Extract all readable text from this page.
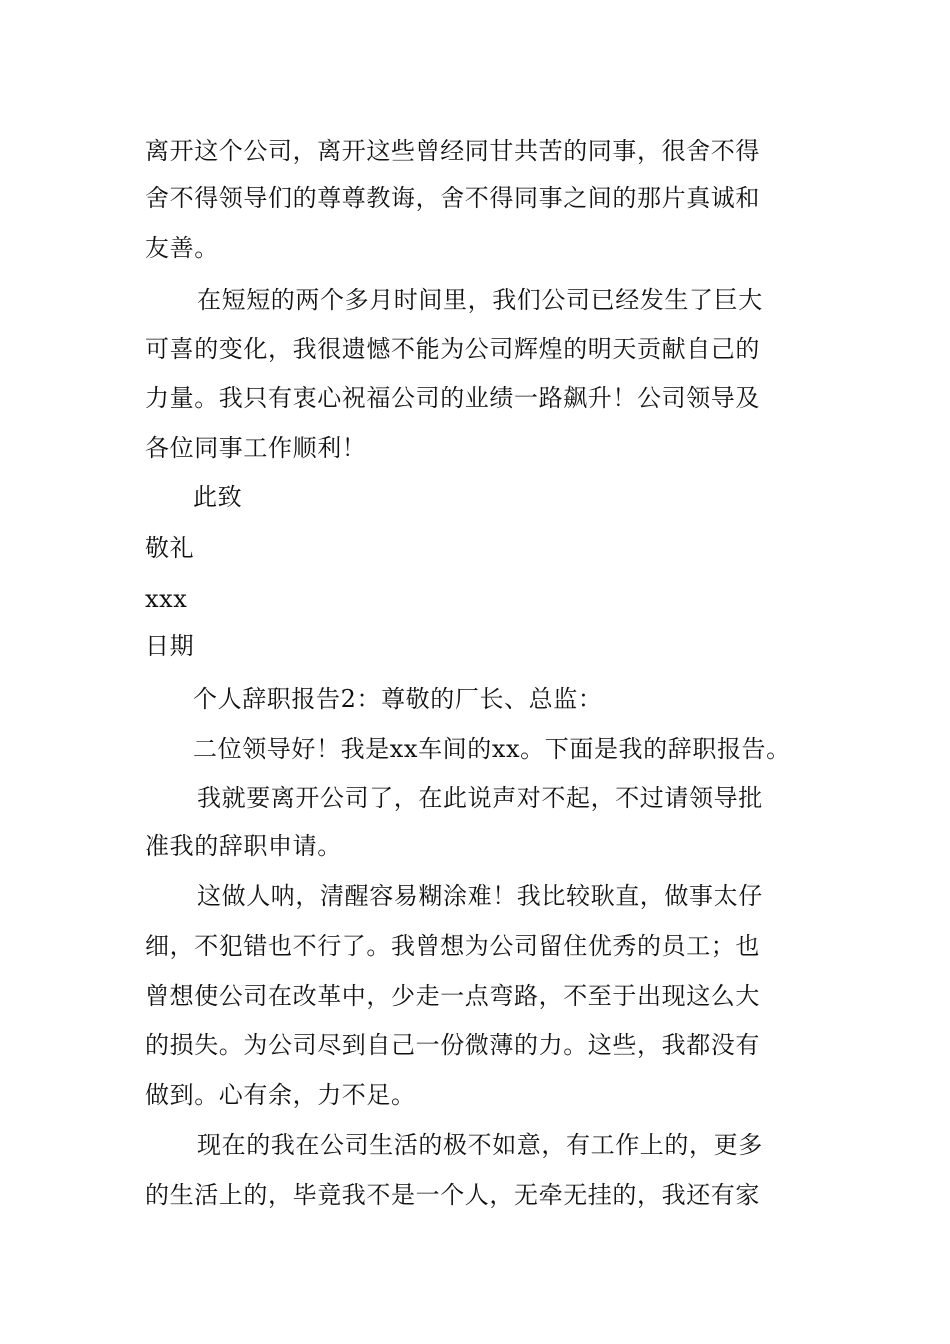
离开这个公司，离开这些曾经同甘共苦的同事，很舍不得
舍不得领导们的尊尊教诲，舍不得同事之间的那片真诚和
友善。
在短短的两个多月时间里，我们公司已经发生了巨大
可喜的变化，我很遗憾不能为公司辉煌的明天贡献自己的
力量。我只有衷心祝福公司的业绩一路飙升！公司领导及
各位同事工作顺利！
此致
敬礼
xxx
日期
个人辞职报告2：尊敬的厂长、总监：
二位领导好！我是xx车间的xx。下面是我的辞职报告。
我就要离开公司了，在此说声对不起，不过请领导批
准我的辞职申请。
这做人呐，清醒容易糊涂难！我比较耿直，做事太仔
细，不犯错也不行了。我曾想为公司留住优秀的员工；也
曾想使公司在改革中，少走一点弯路，不至于出现这么大
的损失。为公司尽到自己一份微薄的力。这些，我都没有
做到。心有余，力不足。
现在的我在公司生活的极不如意，有工作上的，更多
的生活上的，毕竟我不是一个人，无牵无挂的，我还有家
